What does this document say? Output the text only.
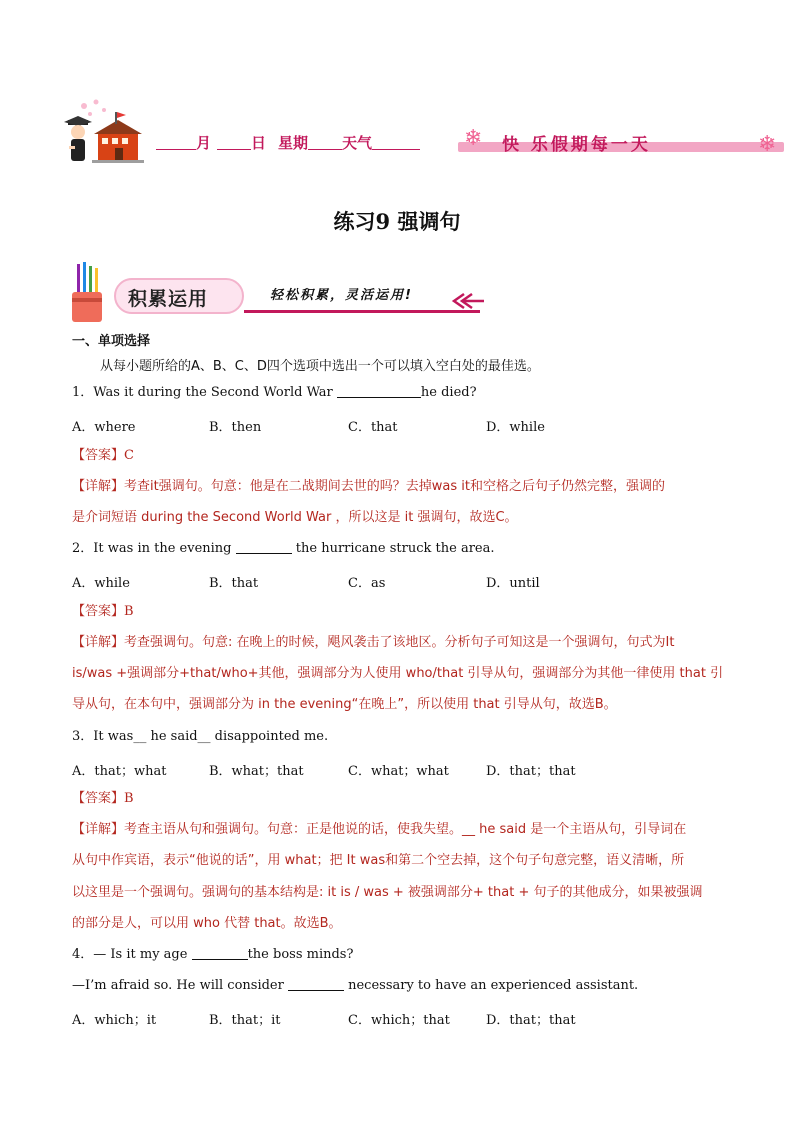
月	日 星期 天气	❄ 快 乐假期每一天	❄
练习9 强调句
积累运用	轻松积累，灵活运用!
一、单项选择
从每小题所给的A、B、C、D四个选项中选出一个可以填入空白处的最佳选。
1．Was it during the Second World War	he died?
A．where	B．then	C．that	D．while
【答案】C
【详解】考查it强调句。句意：他是在二战期间去世的吗？去掉was it和空格之后句子仍然完整，强调的
是介词短语 during the Second World War ，所以这是 it 强调句，故选C。
2．It was in the evening	the hurricane struck the area.
A．while	B．that	C．as	D．until
【答案】B
【详解】考查强调句。句意: 在晚上的时候，飓风袭击了该地区。分析句子可知这是一个强调句，句式为It
is/was +强调部分+that/who+其他，强调部分为人使用 who/that 引导从句，强调部分为其他一律使用 that 引
导从句，在本句中，强调部分为 in the evening“在晚上”，所以使用 that 引导从句，故选B。
3．It was__ he said__ disappointed me.
A．that；what	B．what；that	C．what；what	D．that；that
【答案】B
【详解】考查主语从句和强调句。句意：正是他说的话，使我失望。__ he said 是一个主语从句，引导词在
从句中作宾语，表示“他说的话”，用 what；把 It was和第二个空去掉，这个句子句意完整，语义清晰，所
以这里是一个强调句。强调句的基本结构是: it is / was + 被强调部分+ that + 句子的其他成分，如果被强调
的部分是人，可以用 who 代替 that。故选B。
4．— Is it my age	the boss minds?
—I’m afraid so. He will consider	necessary to have an experienced assistant.
A．which；it	B．that；it	C．which；that	D．that；that
